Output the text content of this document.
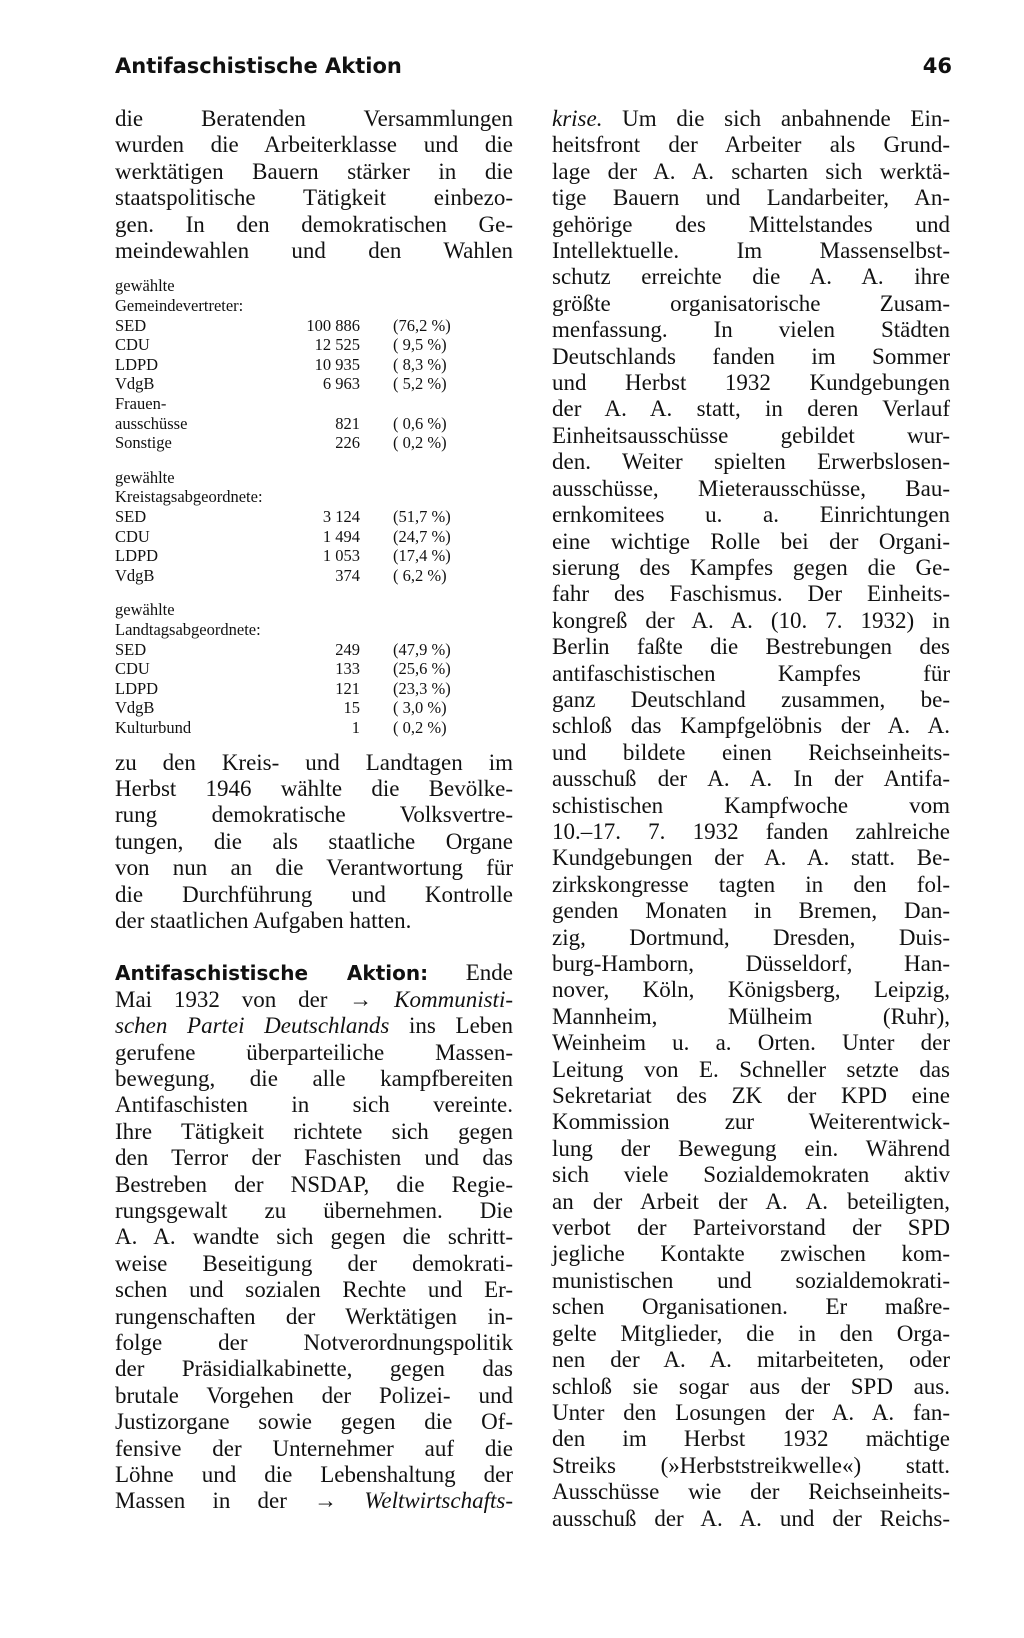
Antifaschistische Aktion	46
die Beratenden Versammlungen
wurden die Arbeiterklasse und die
werktätigen Bauern stärker in die
staatspolitische Tätigkeit einbezo-
gen. In den demokratischen Ge-
meindewahlen und den Wahlen
gewählte
Gemeindevertreter:
SED	100 886	(76,2 %)
CDU	12 525	( 9,5 %)
LDPD	10 935	( 8,3 %)
VdgB	6 963	( 5,2 %)
Frauen-
ausschüsse	821	( 0,6 %)
Sonstige	226	( 0,2 %)
gewählte
Kreistagsabgeordnete:
SED	3 124	(51,7 %)
CDU	1 494	(24,7 %)
LDPD	1 053	(17,4 %)
VdgB	374	( 6,2 %)
gewählte
Landtagsabgeordnete:
SED	249	(47,9 %)
CDU	133	(25,6 %)
LDPD	121	(23,3 %)
VdgB	15	( 3,0 %)
Kulturbund	1	( 0,2 %)
zu den Kreis- und Landtagen im
Herbst 1946 wählte die Bevölke-
rung demokratische Volksvertre-
tungen, die als staatliche Organe
von nun an die Verantwortung für
die Durchführung und Kontrolle
der staatlichen Aufgaben hatten.
Antifaschistische Aktion: Ende
Mai 1932 von der → Kommunisti-
schen Partei Deutschlands ins Leben
gerufene überparteiliche Massen-
bewegung, die alle kampfbereiten
Antifaschisten in sich vereinte.
Ihre Tätigkeit richtete sich gegen
den Terror der Faschisten und das
Bestreben der NSDAP, die Regie-
rungsgewalt zu übernehmen. Die
A. A. wandte sich gegen die schritt-
weise Beseitigung der demokrati-
schen und sozialen Rechte und Er-
rungenschaften der Werktätigen in-
folge der Notverordnungspolitik
der Präsidialkabinette, gegen das
brutale Vorgehen der Polizei- und
Justizorgane sowie gegen die Of-
fensive der Unternehmer auf die
Löhne und die Lebenshaltung der
Massen in der → Weltwirtschafts-
krise. Um die sich anbahnende Ein-
heitsfront der Arbeiter als Grund-
lage der A. A. scharten sich werktä-
tige Bauern und Landarbeiter, An-
gehörige des Mittelstandes und
Intellektuelle. Im Massenselbst-
schutz erreichte die A. A. ihre
größte organisatorische Zusam-
menfassung. In vielen Städten
Deutschlands fanden im Sommer
und Herbst 1932 Kundgebungen
der A. A. statt, in deren Verlauf
Einheitsausschüsse gebildet wur-
den. Weiter spielten Erwerbslosen-
ausschüsse, Mieterausschüsse, Bau-
ernkomitees u. a. Einrichtungen
eine wichtige Rolle bei der Organi-
sierung des Kampfes gegen die Ge-
fahr des Faschismus. Der Einheits-
kongreß der A. A. (10. 7. 1932) in
Berlin faßte die Bestrebungen des
antifaschistischen Kampfes für
ganz Deutschland zusammen, be-
schloß das Kampfgelöbnis der A. A.
und bildete einen Reichseinheits-
ausschuß der A. A. In der Antifa-
schistischen Kampfwoche vom
10.–17. 7. 1932 fanden zahlreiche
Kundgebungen der A. A. statt. Be-
zirkskongresse tagten in den fol-
genden Monaten in Bremen, Dan-
zig, Dortmund, Dresden, Duis-
burg-Hamborn, Düsseldorf, Han-
nover, Köln, Königsberg, Leipzig,
Mannheim, Mülheim (Ruhr),
Weinheim u. a. Orten. Unter der
Leitung von E. Schneller setzte das
Sekretariat des ZK der KPD eine
Kommission zur Weiterentwick-
lung der Bewegung ein. Während
sich viele Sozialdemokraten aktiv
an der Arbeit der A. A. beteiligten,
verbot der Parteivorstand der SPD
jegliche Kontakte zwischen kom-
munistischen und sozialdemokrati-
schen Organisationen. Er maßre-
gelte Mitglieder, die in den Orga-
nen der A. A. mitarbeiteten, oder
schloß sie sogar aus der SPD aus.
Unter den Losungen der A. A. fan-
den im Herbst 1932 mächtige
Streiks (»Herbststreikwelle«) statt.
Ausschüsse wie der Reichseinheits-
ausschuß der A. A. und der Reichs-
